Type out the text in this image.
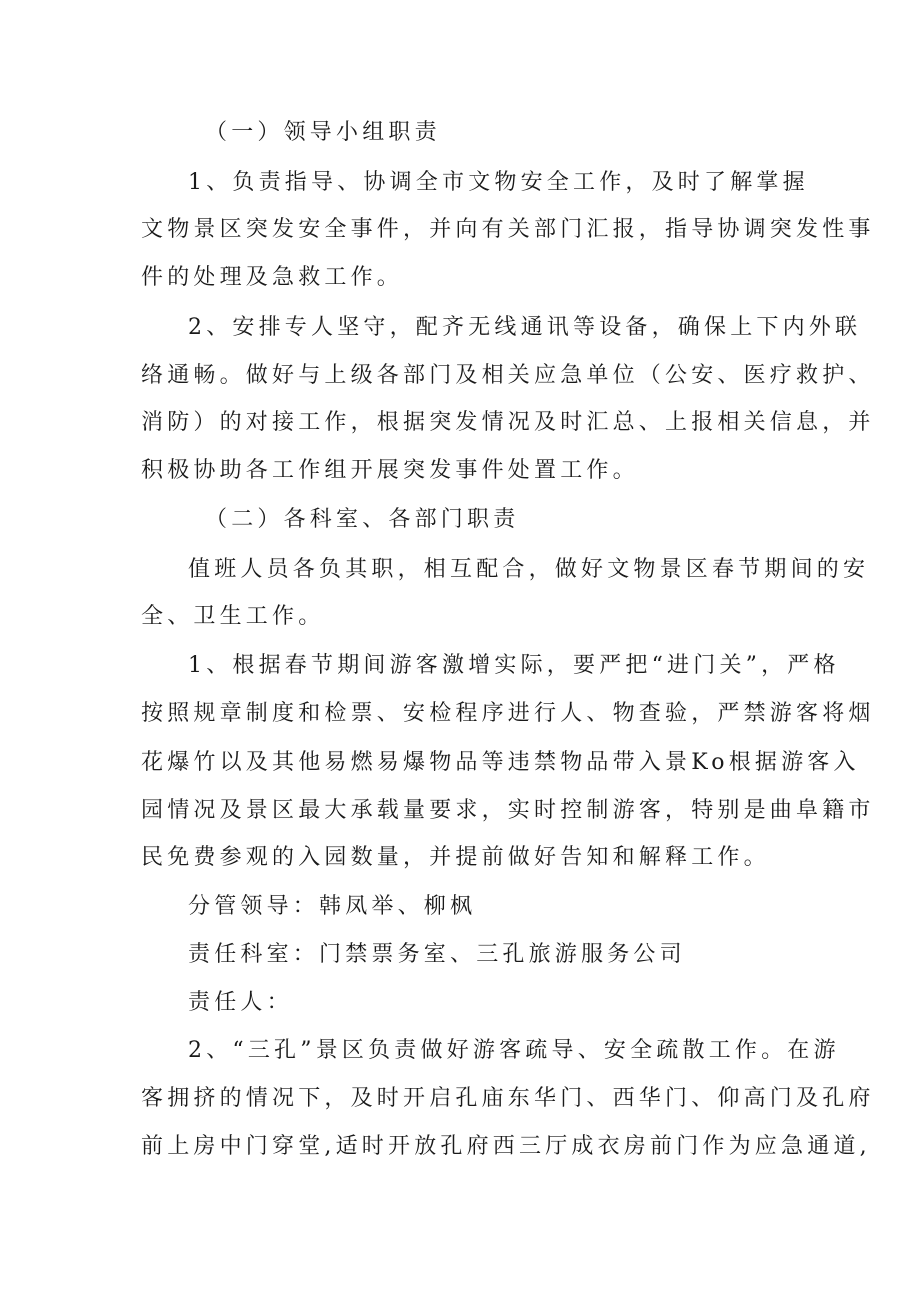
（一）领导小组职责
1、负责指导、协调全市文物安全工作，及时了解掌握
文物景区突发安全事件，并向有关部门汇报，指导协调突发性事
件的处理及急救工作。
2、安排专人坚守，配齐无线通讯等设备，确保上下内外联
络通畅。做好与上级各部门及相关应急单位（公安、医疗救护、
消防）的对接工作，根据突发情况及时汇总、上报相关信息，并
积极协助各工作组开展突发事件处置工作。
（二）各科室、各部门职责
值班人员各负其职，相互配合，做好文物景区春节期间的安
全、卫生工作。
1、根据春节期间游客激增实际，要严把“进门关”，严格
按照规章制度和检票、安检程序进行人、物查验，严禁游客将烟
花爆竹以及其他易燃易爆物品等违禁物品带入景Ko根据游客入
园情况及景区最大承载量要求，实时控制游客，特别是曲阜籍市
民免费参观的入园数量，并提前做好告知和解释工作。
分管领导：韩凤举、柳枫
责任科室：门禁票务室、三孔旅游服务公司
责任人：
2、“三孔”景区负责做好游客疏导、安全疏散工作。在游
客拥挤的情况下，及时开启孔庙东华门、西华门、仰高门及孔府
前上房中门穿堂,适时开放孔府西三厅成衣房前门作为应急通道,
